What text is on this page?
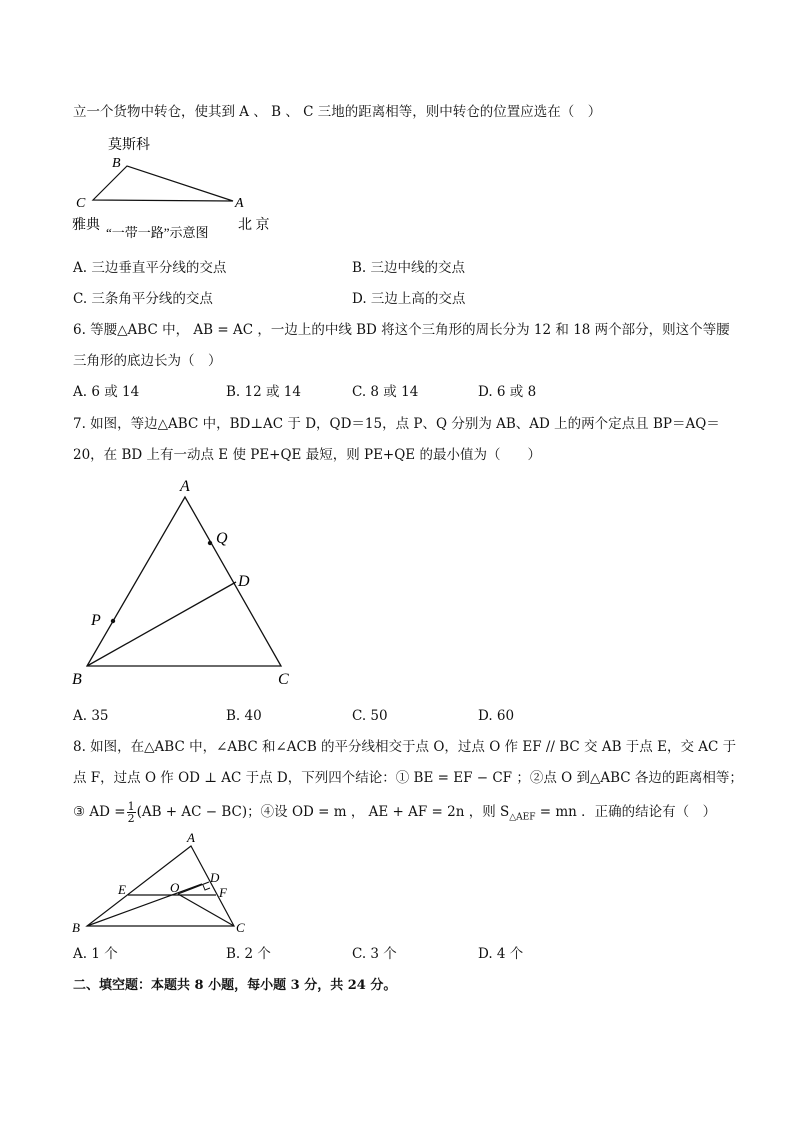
立一个货物中转仓，使其到 A 、 B 、 C 三地的距离相等，则中转仓的位置应选在（　）
莫斯科
B
C	A
雅典 “一带一路”示意图 北 京
A. 三边垂直平分线的交点	B. 三边中线的交点
C. 三条角平分线的交点	D. 三边上高的交点
6. 等腰△ABC 中， AB = AC ，一边上的中线 BD 将这个三角形的周长分为 12 和 18 两个部分，则这个等腰
三角形的底边长为（　）
A. 6 或 14	B. 12 或 14	C. 8 或 14	D. 6 或 8
7. 如图，等边△ABC 中，BD⊥AC 于 D，QD＝15，点 P、Q 分别为 AB、AD 上的两个定点且 BP＝AQ＝
20，在 BD 上有一动点 E 使 PE+QE 最短，则 PE+QE 的最小值为（　　）
A
Q
D
P
B	C
A. 35	B. 40	C. 50	D. 60
8. 如图，在△ABC 中，∠ABC 和∠ACB 的平分线相交于点 O，过点 O 作 EF // BC 交 AB 于点 E，交 AC 于
点 F，过点 O 作 OD ⊥ AC 于点 D，下列四个结论：① BE = EF − CF ；②点 O 到△ABC 各边的距离相等；
③ AD = $\frac{1}{2} (AB$ + AC − BC)；④设 OD = m ， AE + AF = 2n ，则 $S_{\triangle AEF}$ = mn ．正确的结论有（　）
A
D
E	O	F
B	C
A. 1 个	B. 2 个	C. 3 个	D. 4 个
二、填空题：本题共 8 小题，每小题 3 分，共 24 分。
